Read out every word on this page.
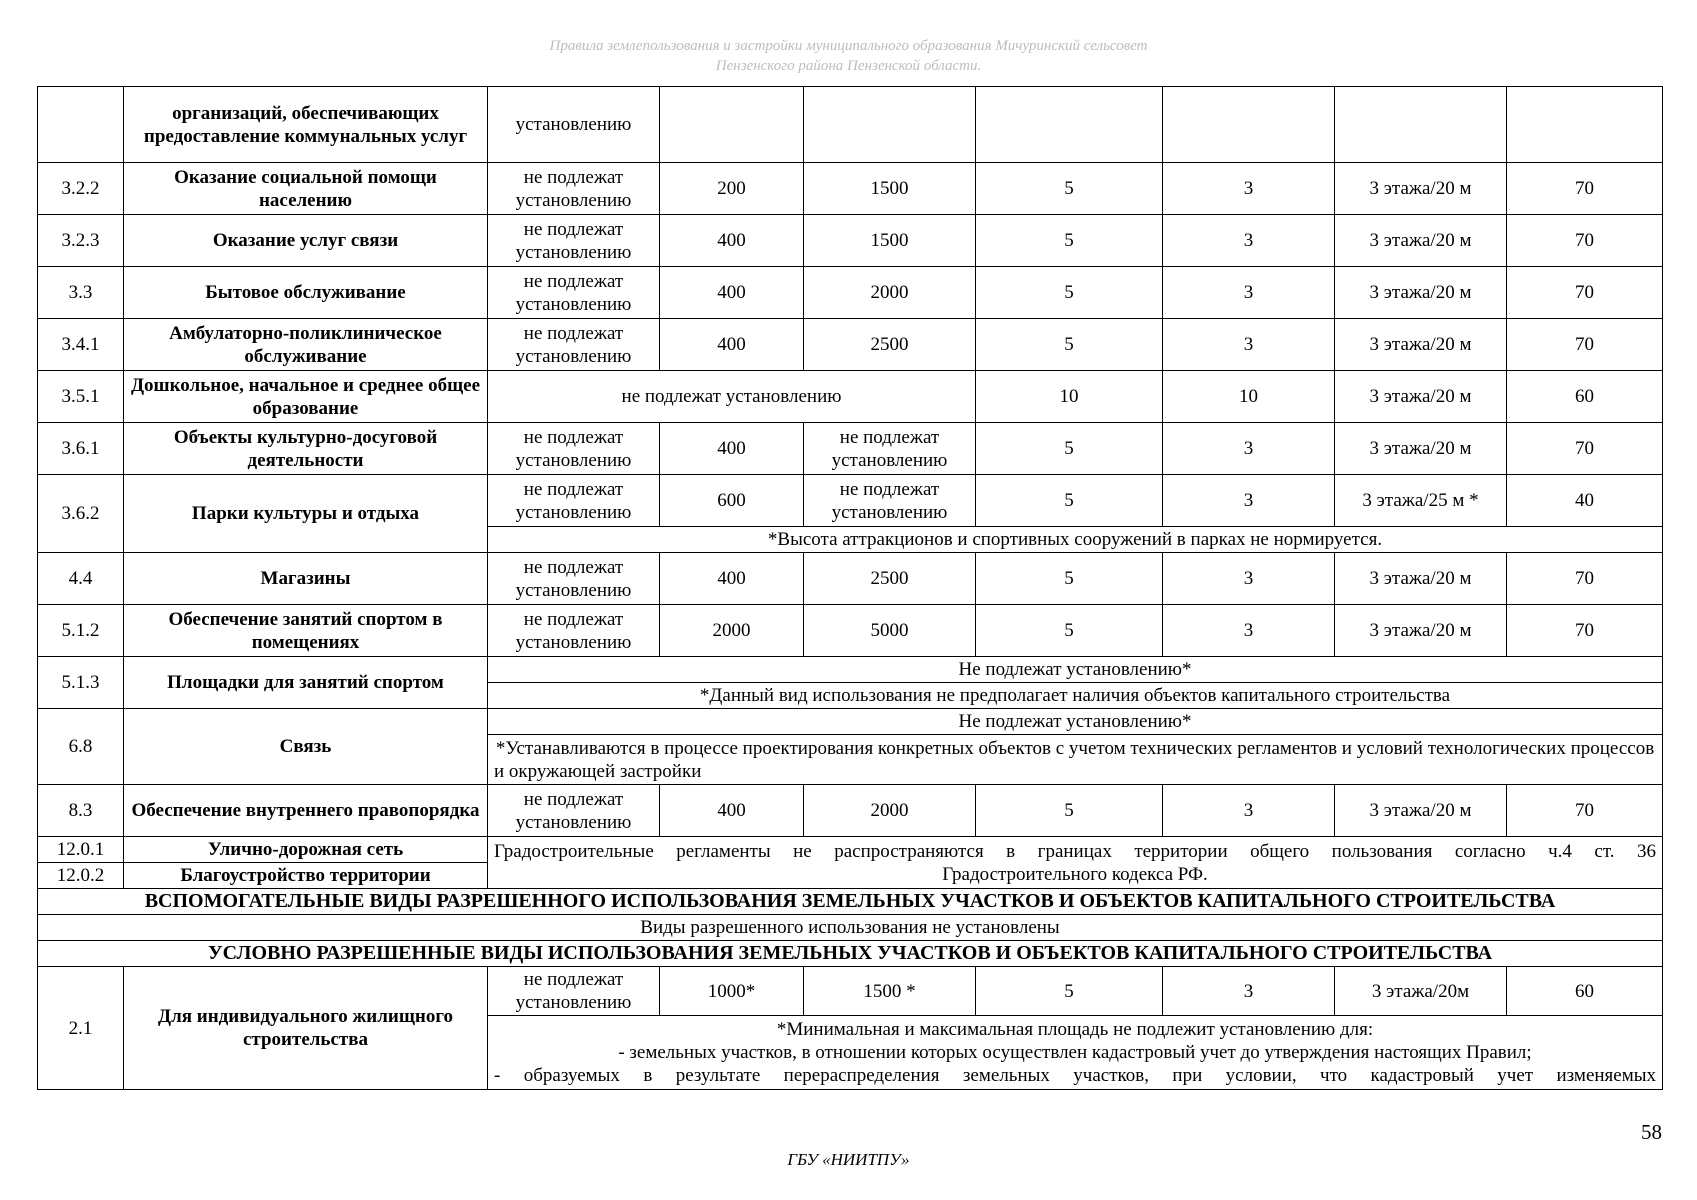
Правила землепользования и застройки муниципального образования Мичуринский сельсовет
Пензенского района Пензенской области.
	организаций, обеспечивающих предоставление коммунальных услуг	установлению						
3.2.2	Оказание социальной помощи населению	не подлежат установлению	200	1500	5	3	3 этажа/20 м	70
3.2.3	Оказание услуг связи	не подлежат установлению	400	1500	5	3	3 этажа/20 м	70
3.3	Бытовое обслуживание	не подлежат установлению	400	2000	5	3	3 этажа/20 м	70
3.4.1	Амбулаторно-поликлиническое обслуживание	не подлежат установлению	400	2500	5	3	3 этажа/20 м	70
3.5.1	Дошкольное, начальное и среднее общее образование	не подлежат установлению			10	10	3 этажа/20 м	60
3.6.1	Объекты культурно-досуговой деятельности	не подлежат установлению	400	не подлежат установлению	5	3	3 этажа/20 м	70
3.6.2	Парки культуры и отдыха	не подлежат установлению	600	не подлежат установлению	5	3	3 этажа/25 м *	40
		*Высота аттракционов и спортивных сооружений в парках не нормируется.						
4.4	Магазины	не подлежат установлению	400	2500	5	3	3 этажа/20 м	70
5.1.2	Обеспечение занятий спортом в помещениях	не подлежат установлению	2000	5000	5	3	3 этажа/20 м	70
5.1.3	Площадки для занятий спортом	Не подлежат установлению*						
		*Данный вид использования не предполагает наличия объектов капитального строительства						
6.8	Связь	Не подлежат установлению*						
		*Устанавливаются в процессе проектирования конкретных объектов с учетом технических регламентов и условий технологических процессов и окружающей застройки						
8.3	Обеспечение внутреннего правопорядка	не подлежат установлению	400	2000	5	3	3 этажа/20 м	70
12.0.1	Улично-дорожная сеть	Градостроительные регламенты не распространяются в границах территории общего пользования согласно ч.4 ст. 36
Градостроительного кодекса РФ.						

12.0.2	Благоустройство территории							
ВСПОМОГАТЕЛЬНЫЕ ВИДЫ РАЗРЕШЕННОГО ИСПОЛЬЗОВАНИЯ ЗЕМЕЛЬНЫХ УЧАСТКОВ И ОБЪЕКТОВ КАПИТАЛЬНОГО СТРОИТЕЛЬСТВА								
Виды разрешенного использования не установлены								
УСЛОВНО РАЗРЕШЕННЫЕ ВИДЫ ИСПОЛЬЗОВАНИЯ ЗЕМЕЛЬНЫХ УЧАСТКОВ И ОБЪЕКТОВ КАПИТАЛЬНОГО СТРОИТЕЛЬСТВА								
2.1	Для индивидуального жилищного строительства	не подлежат установлению	1000*	1500 *	5	3	3 этажа/20м	60

		*Минимальная и максимальная площадь не подлежит установлению для:
- земельных участков, в отношении которых осуществлен кадастровый учет до утверждения настоящих Правил;
- образуемых в результате перераспределения земельных участков, при условии, что кадастровый учет изменяемых						
58
ГБУ «НИИТПУ»
